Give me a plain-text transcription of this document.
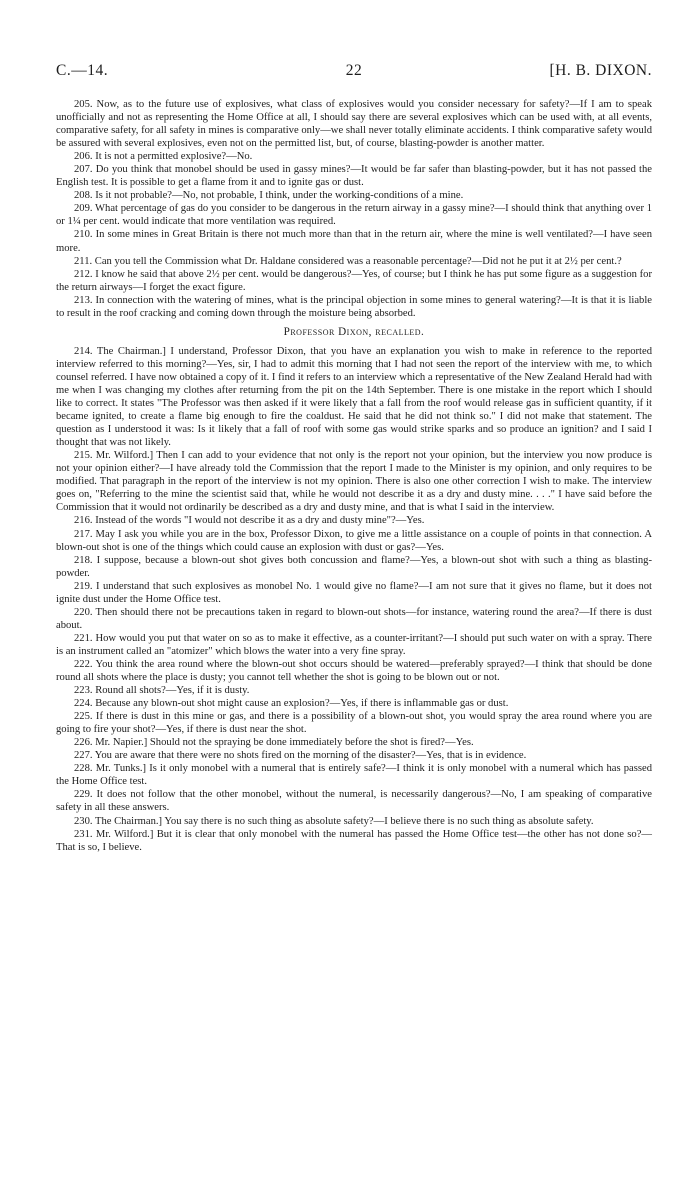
C.—14.	22	[H. B. DIXON.

205. Now, as to the future use of explosives, what class of explosives would you consider necessary for safety?—If I am to speak unofficially and not as representing the Home Office at all, I should say there are several explosives which can be used with, at all events, comparative safety, for all safety in mines is comparative only—we shall never totally eliminate accidents. I think comparative safety would be assured with several explosives, even not on the permitted list, but, of course, blasting-powder is another matter.

206. It is not a permitted explosive?—No.

207. Do you think that monobel should be used in gassy mines?—It would be far safer than blasting-powder, but it has not passed the English test. It is possible to get a flame from it and to ignite gas or dust.

208. Is it not probable?—No, not probable, I think, under the working-conditions of a mine.

209. What percentage of gas do you consider to be dangerous in the return airway in a gassy mine?—I should think that anything over 1 or 1¼ per cent. would indicate that more ventilation was required.

210. In some mines in Great Britain is there not much more than that in the return air, where the mine is well ventilated?—I have seen more.

211. Can you tell the Commission what Dr. Haldane considered was a reasonable percentage?—Did not he put it at 2½ per cent.?

212. I know he said that above 2½ per cent. would be dangerous?—Yes, of course; but I think he has put some figure as a suggestion for the return airways—I forget the exact figure.

213. In connection with the watering of mines, what is the principal objection in some mines to general watering?—It is that it is liable to result in the roof cracking and coming down through the moisture being absorbed.

Professor Dixon, recalled.

214. The Chairman.] I understand, Professor Dixon, that you have an explanation you wish to make in reference to the reported interview referred to this morning?—Yes, sir, I had to admit this morning that I had not seen the report of the interview with me, to which counsel referred. I have now obtained a copy of it. I find it refers to an interview which a representative of the New Zealand Herald had with me when I was changing my clothes after returning from the pit on the 14th September. There is one mistake in the report which I should like to correct. It states "The Professor was then asked if it were likely that a fall from the roof would release gas in sufficient quantity, if it became ignited, to create a flame big enough to fire the coaldust. He said that he did not think so." I did not make that statement. The question as I understood it was: Is it likely that a fall of roof with some gas would strike sparks and so produce an ignition? and I said I thought that was not likely.

215. Mr. Wilford.] Then I can add to your evidence that not only is the report not your opinion, but the interview you now produce is not your opinion either?—I have already told the Commission that the report I made to the Minister is my opinion, and only requires to be modified. That paragraph in the report of the interview is not my opinion. There is also one other correction I wish to make. The interview goes on, "Referring to the mine the scientist said that, while he would not describe it as a dry and dusty mine. . . ." I have said before the Commission that it would not ordinarily be described as a dry and dusty mine, and that is what I said in the interview.

216. Instead of the words "I would not describe it as a dry and dusty mine"?—Yes.

217. May I ask you while you are in the box, Professor Dixon, to give me a little assistance on a couple of points in that connection. A blown-out shot is one of the things which could cause an explosion with dust or gas?—Yes.

218. I suppose, because a blown-out shot gives both concussion and flame?—Yes, a blown-out shot with such a thing as blasting-powder.

219. I understand that such explosives as monobel No. 1 would give no flame?—I am not sure that it gives no flame, but it does not ignite dust under the Home Office test.

220. Then should there not be precautions taken in regard to blown-out shots—for instance, watering round the area?—If there is dust about.

221. How would you put that water on so as to make it effective, as a counter-irritant?—I should put such water on with a spray. There is an instrument called an "atomizer" which blows the water into a very fine spray.

222. You think the area round where the blown-out shot occurs should be watered—preferably sprayed?—I think that should be done round all shots where the place is dusty; you cannot tell whether the shot is going to be blown out or not.

223. Round all shots?—Yes, if it is dusty.

224. Because any blown-out shot might cause an explosion?—Yes, if there is inflammable gas or dust.

225. If there is dust in this mine or gas, and there is a possibility of a blown-out shot, you would spray the area round where you are going to fire your shot?—Yes, if there is dust near the shot.

226. Mr. Napier.] Should not the spraying be done immediately before the shot is fired?—Yes.

227. You are aware that there were no shots fired on the morning of the disaster?—Yes, that is in evidence.

228. Mr. Tunks.] Is it only monobel with a numeral that is entirely safe?—I think it is only monobel with a numeral which has passed the Home Office test.

229. It does not follow that the other monobel, without the numeral, is necessarily dangerous?—No, I am speaking of comparative safety in all these answers.

230. The Chairman.] You say there is no such thing as absolute safety?—I believe there is no such thing as absolute safety.

231. Mr. Wilford.] But it is clear that only monobel with the numeral has passed the Home Office test—the other has not done so?—That is so, I believe.
